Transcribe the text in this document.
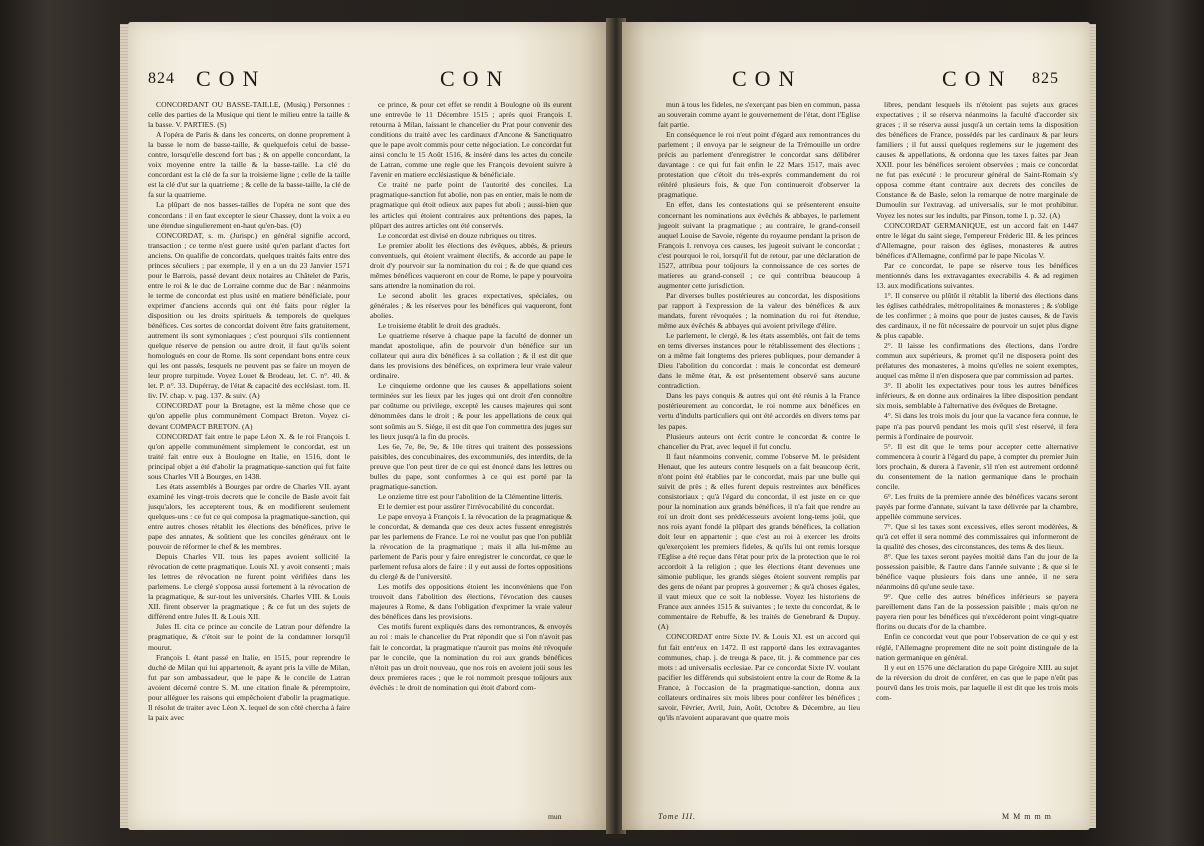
824 CON	CON

CONCORDANT OU BASSE-TAILLE, (Musiq.) Personnes : celle des parties de la Musique qui tient le milieu entre la taille & la basse. V. PARTIES. (S)

A l'opéra de Paris & dans les concerts, on donne proprement à la basse le nom de basse-taille, & quelquefois celui de basse-contre, lorsqu'elle descend fort bas ; & on appelle concordant, la voix moyenne entre la taille & la basse-taille. La clé du concordant est la clé de fa sur la troisieme ligne ; celle de la taille est la clé d'ut sur la quatrieme ; & celle de la basse-taille, la clé de fa sur la quatrieme.

La plûpart de nos basses-tailles de l'opéra ne sont que des concordans : il en faut excepter le sieur Chassey, dont la voix a eu une étendue singulierement en-haut qu'en-bas. (O)

CONCORDAT, s. m. (Jurispr.) en général signifie accord, transaction ; ce terme n'est guere usité qu'en parlant d'actes fort anciens. On qualifie de concordats, quelques traités faits entre des princes séculiers ; par exemple, il y en a un du 23 Janvier 1571 pour le Barrois, passé devant deux notaires au Châtelet de Paris, entre le roi & le duc de Lorraine comme duc de Bar : néanmoins le terme de concordat est plus usité en matiere bénéficiale, pour exprimer d'anciens accords qui ont été faits pour régler la disposition ou les droits spirituels & temporels de quelques bénéfices. Ces sortes de concordat doivent être faits gratuitement, autrement ils sont symoniaques ; c'est pourquoi s'ils contiennent quelque réserve de pension ou autre droit, il faut qu'ils soient homologués en cour de Rome. Ils sont cependant bons entre ceux qui les ont passés, lesquels ne peuvent pas se faire un moyen de leur propre turpitude. Voyez Louet & Brodeau, let. C. n°. 40. & let. P. n°. 33. Dupérray, de l'état & capacité des ecclésiast. tom. II. liv. IV. chap. v. pag. 137. & suiv. (A)

CONCORDAT pour la Bretagne, est la même chose que ce qu'on appelle plus communément Compact Breton. Voyez ci-devant COMPACT BRETON. (A)

CONCORDAT fait entre le pape Léon X. & le roi François I. qu'on appelle communément simplement le concordat, est un traité fait entre eux à Boulogne en Italie, en 1516, dont le principal objet a été d'abolir la pragmatique-sanction qui fut faite sous Charles VII à Bourges, en 1438.

Les états assemblés à Bourges par ordre de Charles VII. ayant examiné les vingt-trois decrets que le concile de Basle avoit fait jusqu'alors, les accepterent tous, & en modifierent seulement quelques-uns : ce fut ce qui composa la pragmatique-sanction, qui entre autres choses rétablit les élections des bénéfices, prive le pape des annates, & soûtient que les conciles généraux ont le pouvoir de réformer le chef & les membres.

Depuis Charles VII. tous les papes avoient sollicité la révocation de cette pragmatique. Louis XI. y avoit consenti ; mais les lettres de révocation ne furent point vérifiées dans les parlemens. Le clergé s'opposa aussi fortement à la révocation de la pragmatique, & sur-tout les universités. Charles VIII. & Louis XII. firent observer la pragmatique ; & ce fut un des sujets de différend entre Jules II. & Louis XII.

Jules II. cita ce prince au concile de Latran pour défendre la pragmatique, & c'étoit sur le point de la condamner lorsqu'il mourut.

François I. étant passé en Italie, en 1515, pour reprendre le duché de Milan qui lui appartenoit, & ayant pris la ville de Milan, fut par son ambassadeur, que le pape & le concile de Latran avoient décerné contre S. M. une citation finale & péremptoire, pour alléguer les raisons qui empêchoient d'abolir la pragmatique. Il résolut de traiter avec Léon X. lequel de son côté chercha à faire la paix avec

ce prince, & pour cet effet se rendit à Boulogne où ils eurent une entrevûe le 11 Décembre 1515 ; après quoi François I. retourna à Milan, laissant le chancelier du Prat pour convenir des conditions du traité avec les cardinaux d'Ancone & Sanctiquatro que le pape avoit commis pour cette négociation. Le concordat fut ainsi conclu le 15 Août 1516, & inséré dans les actes du concile de Latran, comme une regle que les François devoient suivre à l'avenir en matiere ecclésiastique & bénéficiale.

Ce traité ne parle point de l'autorité des conciles. La pragmatique-sanction fut abolie, non pas en entier, mais le nom de pragmatique qui étoit odieux aux papes fut aboli ; aussi-bien que les articles qui étoient contraires aux prétentions des papes, la plûpart des autres articles ont été conservés.

Le concordat est divisé en douze rubriques ou titres.

Le premier abolit les élections des évêques, abbés, & prieurs conventuels, qui étoient vraiment électifs, & accorde au pape le droit d'y pourvoir sur la nomination du roi ; & de que quand ces mêmes bénéfices vaqueront en cour de Rome, le pape y pourvoira sans attendre la nomination du roi.

Le second abolit les graces expectatives, spéciales, ou générales ; & les réserves pour les bénéfices qui vaqueront, font abolies.

Le troisieme établit le droit des gradués.

Le quatrieme réserve à chaque pape la faculté de donner un mandat apostolique, afin de pourvoir d'un bénéfice sur un collateur qui aura dix bénéfices à sa collation ; & il est dit que dans les provisions des bénéfices, on exprimera leur vraie valeur ordinaire.

Le cinquieme ordonne que les causes & appellations soient terminées sur les lieux par les juges qui ont droit d'en connoître par coûtume ou privilege, excepté les causes majeures qui sont dénommées dans le droit ; & pour les appellations de ceux qui sont soûmis au S. Siége, il est dit que l'on commettra des juges sur les lieux jusqu'à la fin du procès.

Les 6e, 7e, 8e, 9e, & 10e titres qui traitent des possessions paisibles, des concubinaires, des excommuniés, des interdits, de la preuve que l'on peut tirer de ce qui est énoncé dans les lettres ou bulles du pape, sont conformes à ce qui est porté par la pragmatique-sanction.

Le onzieme titre est pour l'abolition de la Clémentine litteris.

Et le dernier est pour assûrer l'irrévocabilité du concordat.

Le pape envoya à François I. la révocation de la pragmatique & le concordat, & demanda que ces deux actes fussent enregistrés par les parlemens de France. Le roi ne voulut pas que l'on publiât la révocation de la pragmatique ; mais il alla lui-même au parlement de Paris pour y faire enregistrer le concordat, ce que le parlement refusa alors de faire : il y eut aussi de fortes oppositions du clergé & de l'université.

Les motifs des oppositions étoient les inconvéniens que l'on trouvoit dans l'abolition des élections, l'évocation des causes majeures à Rome, & dans l'obligation d'exprimer la vraie valeur des bénéfices dans les provisions.

Ces motifs furent expliqués dans des remontrances, & envoyés au roi : mais le chancelier du Prat répondit que si l'on n'avoit pas fait le concordat, la pragmatique n'auroit pas moins été révoquée par le concile, que la nomination du roi aux grands bénéfices n'étoit pas un droit nouveau, que nos rois en avoient joüi sous les deux premieres races ; que le roi nommoit presque toûjours aux évêchés : le droit de nomination qui étoit d'abord com-

mun
CON	CON 825

mun à tous les fideles, ne s'exerçant pas bien en commun, passa au souverain comme ayant le gouvernement de l'état, dont l'Eglise fait partie.

En conséquence le roi n'eut point d'égard aux remontrances du parlement ; il envoya par le seigneur de la Trémouille un ordre précis au parlement d'enregistrer le concordat sans délibérer davantage : ce qui fut fait enfin le 22 Mars 1517, mais avec protestation que c'étoit du très-exprès commandement du roi réitéré plusieurs fois, & que l'on continueroit d'observer la pragmatique.

En effet, dans les contestations qui se présenterent ensuite concernant les nominations aux évêchés & abbayes, le parlement jugeoit suivant la pragmatique ; au contraire, le grand-conseil auquel Louise de Savoie, régente du royaume pendant la prison de François I. renvoya ces causes, les jugeoit suivant le concordat ; c'est pourquoi le roi, lorsqu'il fut de retour, par une déclaration de 1527, attribua pour toûjours la connoissance de ces sortes de matieres au grand-conseil ; ce qui contribua beaucoup à augmenter cette jurisdiction.

Par diverses bulles postérieures au concordat, les dispositions par rapport à l'expression de la valeur des bénéfices & aux mandats, furent révoquées ; la nomination du roi fut étendue, même aux évêchés & abbayes qui avoient privilege d'élire.

Le parlement, le clergé, & les états assemblés, ont fait de tems en tems diverses instances pour le rétablissement des élections ; on a même fait longtems des prieres publiques, pour demander à Dieu l'abolition du concordat : mais le concordat est demeuré dans le même état, & est présentement observé sans aucune contradiction.

Dans les pays conquis & autres qui ont été réunis à la France postérieurement au concordat, le roi nomme aux bénéfices en vertu d'indults particuliers qui ont été accordés en divers tems par les papes.

Plusieurs auteurs ont écrit contre le concordat & contre le chancelier du Prat, avec lequel il fut conclu.

Il faut néanmoins convenir, comme l'observe M. le président Henaut, que les auteurs contre lesquels on a fait beaucoup écrit, n'ont point été établies par le concordat, mais par une bulle qui suivit de près ; & elles furent depuis restreintes aux bénéfices consistoriaux ; qu'à l'égard du concordat, il est juste en ce que pour la nomination aux grands bénéfices, il n'a fait que rendre au roi un droit dont ses prédécesseurs avoient long-tems joüi, que nos rois ayant fondé la plûpart des grands bénéfices, la collation doit leur en appartenir ; que c'est au roi à exercer les droits qu'exerçoient les premiers fideles, & qu'ils lui ont remis lorsque l'Eglise a été reçue dans l'état pour prix de la protection que le roi accordoit à la religion ; que les élections étant devenues une simonie publique, les grands sièges étoient souvent remplis par des gens de néant par propres à gouverner ; & qu'à choses égales, il vaut mieux que ce soit la noblesse. Voyez les historiens de France aux années 1515 & suivantes ; le texte du concordat, & le commentaire de Rebuffe, & les traités de Genebrard & Dupuy. (A)

CONCORDAT entre Sixte IV. & Louis XI. est un accord qui fut fait entr'eux en 1472. Il est rapporté dans les extravagantes communes, chap. j. de treuga & pace, tit. j. & commence par ces mots : ad universalis ecclesiae. Par ce concordat Sixte IV. voulant pacifier les différends qui subsistoient entre la cour de Rome & la France, à l'occasion de la pragmatique-sanction, donna aux collateurs ordinaires six mois libres pour conférer les bénéfices ; savoir, Février, Avril, Juin, Août, Octobre & Décembre, au lieu qu'ils n'avoient auparavant que quatre mois

libres, pendant lesquels ils n'étoient pas sujets aux graces expectatives ; il se réserva néanmoins la faculté d'accorder six graces ; il se réserva aussi jusqu'à un certain tems la disposition des bénéfices de France, possédés par les cardinaux & par leurs familiers ; il fut aussi quelques reglemens sur le jugement des causes & appellations, & ordonna que les taxes faites par Jean XXII. pour les bénéfices seroient observées ; mais ce concordat ne fut pas exécuté : le procureur général de Saint-Romain s'y opposa comme étant contraire aux decrets des conciles de Constance & de Basle, selon la remarque de notre marginale de Dumoulin sur l'extravag. ad universalis, sur le mot prohibitur. Voyez les notes sur les indults, par Pinson, tome I. p. 32. (A)

CONCORDAT GERMANIQUE, est un accord fait en 1447 entre le légat du saint siege, l'empereur Fréderic III. & les princes d'Allemagne, pour raison des églises, monasteres & autres bénéfices d'Allemagne, confirmé par le pape Nicolas V.

Par ce concordat, le pape se réserve tous les bénéfices mentionnés dans les extravagantes execrabilis 4. & ad regimen 13. aux modifications suivantes.

1°. Il conserve ou plûtôt il rétablit la liberté des élections dans les églises cathédrales, métropolitaines & monasteres ; & s'oblige de les confirmer ; à moins que pour de justes causes, & de l'avis des cardinaux, il ne fût nécessaire de pourvoir un sujet plus digne & plus capable.

2°. Il laisse les confirmations des élections, dans l'ordre commun aux supérieurs, & promet qu'il ne disposera point des prélatures des monasteres, à moins qu'elles ne soient exemptes, auquel cas même il n'en disposera que par commission ad partes.

3°. Il abolit les expectatives pour tous les autres bénéfices inférieurs, & en donne aux ordinaires la libre disposition pendant six mois, semblable à l'alternative des évêques de Bretagne.

4°. Si dans les trois mois du jour que la vacance fera connue, le pape n'a pas pourvû pendant les mois qu'il s'est réservé, il fera permis à l'ordinaire de pourvoir.

5°. Il est dit que le tems pour accepter cette alternative commencera à courir à l'égard du pape, à compter du premier Juin lors prochain, & durera à l'avenir, s'il n'en est autrement ordonné du consentement de la nation germanique dans le prochain concile.

6°. Les fruits de la premiere année des bénéfices vacans seront payés par forme d'annate, suivant la taxe délivrée par la chambre, appellée commune services.

7°. Que si les taxes sont excessives, elles seront modérées, & qu'à cet effet il sera nommé des commissaires qui informeront de la qualité des choses, des circonstances, des tems & des lieux.

8°. Que les taxes seront payées moitié dans l'an du jour de la possession paisible, & l'autre dans l'année suivante ; & que si le bénéfice vaque plusieurs fois dans une année, il ne sera néanmoins dû qu'une seule taxe.

9°. Que celle des autres bénéfices inférieurs se payera pareillement dans l'an de la possession paisible ; mais qu'on ne payera rien pour les bénéfices qui n'excéderont point vingt-quatre florins ou ducats d'or de la chambre.

Enfin ce concordat veut que pour l'observation de ce qui y est réglé, l'Allemagne proprement dite ne soit point distinguée de la nation germanique en général.

Il y eut en 1576 une déclaration du pape Grégoire XIII. au sujet de la réversion du droit de conférer, en cas que le pape n'eût pas pourvû dans les trois mois, par laquelle il est dit que les trois mois com-

Tome III.	M M m m m
